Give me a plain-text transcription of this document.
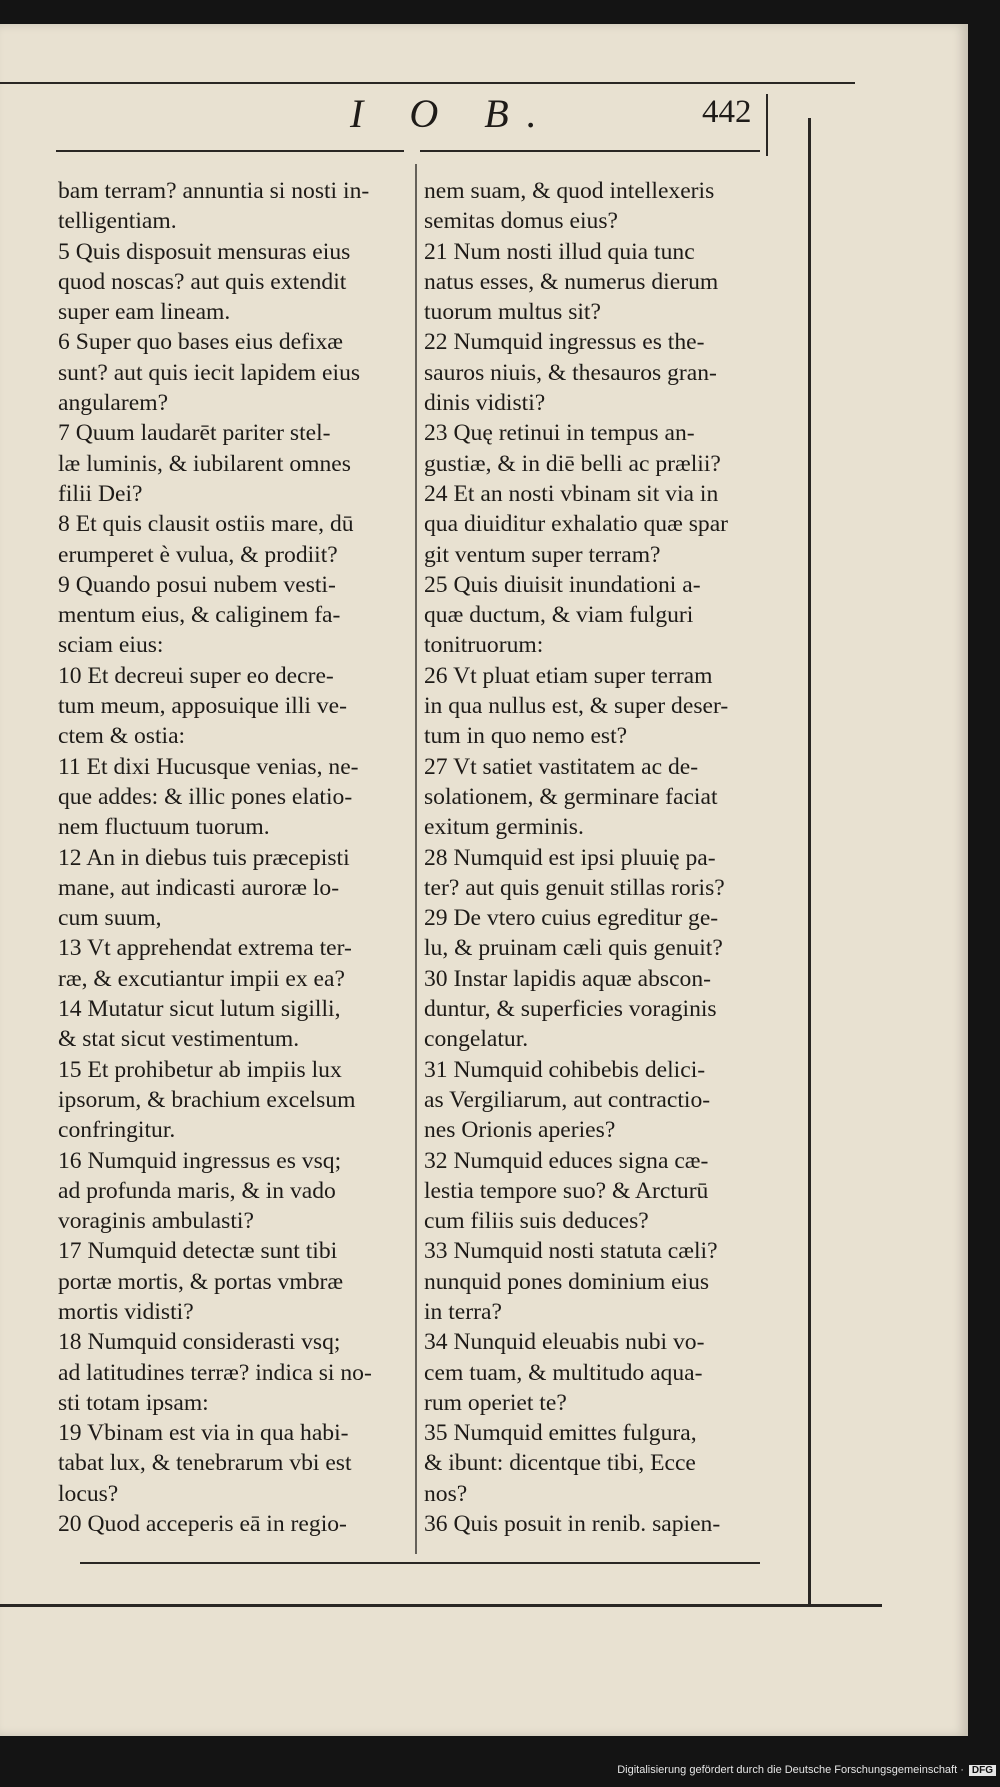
I O B.	442
bam terram? annuntia si nosti in-
telligentiam.
5 Quis disposuit mensuras eius
quod noscas? aut quis extendit
super eam lineam.
6 Super quo bases eius defixæ
sunt? aut quis iecit lapidem eius
angularem?
7 Quum laudarēt pariter stel-
læ luminis, & iubilarent omnes
filii Dei?
8 Et quis clausit ostiis mare, dū
erumperet è vulua, & prodiit?
9 Quando posui nubem vesti-
mentum eius, & caliginem fa-
sciam eius:
10 Et decreui super eo decre-
tum meum, apposuique illi ve-
ctem & ostia:
11 Et dixi Hucusque venias, ne-
que addes: & illic pones elatio-
nem fluctuum tuorum.
12 An in diebus tuis præcepisti
mane, aut indicasti auroræ lo-
cum suum,
13 Vt apprehendat extrema ter-
ræ, & excutiantur impii ex ea?
14 Mutatur sicut lutum sigilli,
& stat sicut vestimentum.
15 Et prohibetur ab impiis lux
ipsorum, & brachium excelsum
confringitur.
16 Numquid ingressus es vsq;
ad profunda maris, & in vado
voraginis ambulasti?
17 Numquid detectæ sunt tibi
portæ mortis, & portas vmbræ
mortis vidisti?
18 Numquid considerasti vsq;
ad latitudines terræ? indica si no-
sti totam ipsam:
19 Vbinam est via in qua habi-
tabat lux, & tenebrarum vbi est
locus?
20 Quod acceperis eā in regio-
nem suam, & quod intellexeris
semitas domus eius?
21 Num nosti illud quia tunc
natus esses, & numerus dierum
tuorum multus sit?
22 Numquid ingressus es the-
sauros niuis, & thesauros gran-
dinis vidisti?
23 Quę retinui in tempus an-
gustiæ, & in diē belli ac prælii?
24 Et an nosti vbinam sit via in
qua diuiditur exhalatio quæ spar
git ventum super terram?
25 Quis diuisit inundationi a-
quæ ductum, & viam fulguri
tonitruorum:
26 Vt pluat etiam super terram
in qua nullus est, & super deser-
tum in quo nemo est?
27 Vt satiet vastitatem ac de-
solationem, & germinare faciat
exitum germinis.
28 Numquid est ipsi pluuię pa-
ter? aut quis genuit stillas roris?
29 De vtero cuius egreditur ge-
lu, & pruinam cæli quis genuit?
30 Instar lapidis aquæ abscon-
duntur, & superficies voraginis
congelatur.
31 Numquid cohibebis delici-
as Vergiliarum, aut contractio-
nes Orionis aperies?
32 Numquid educes signa cæ-
lestia tempore suo? & Arcturū
cum filiis suis deduces?
33 Numquid nosti statuta cæli?
nunquid pones dominium eius
in terra?
34 Nunquid eleuabis nubi vo-
cem tuam, & multitudo aqua-
rum operiet te?
35 Numquid emittes fulgura,
& ibunt: dicentque tibi, Ecce
nos?
36 Quis posuit in renib. sapien-
Digitalisierung gefördert durch die Deutsche Forschungsgemeinschaft · DFG
